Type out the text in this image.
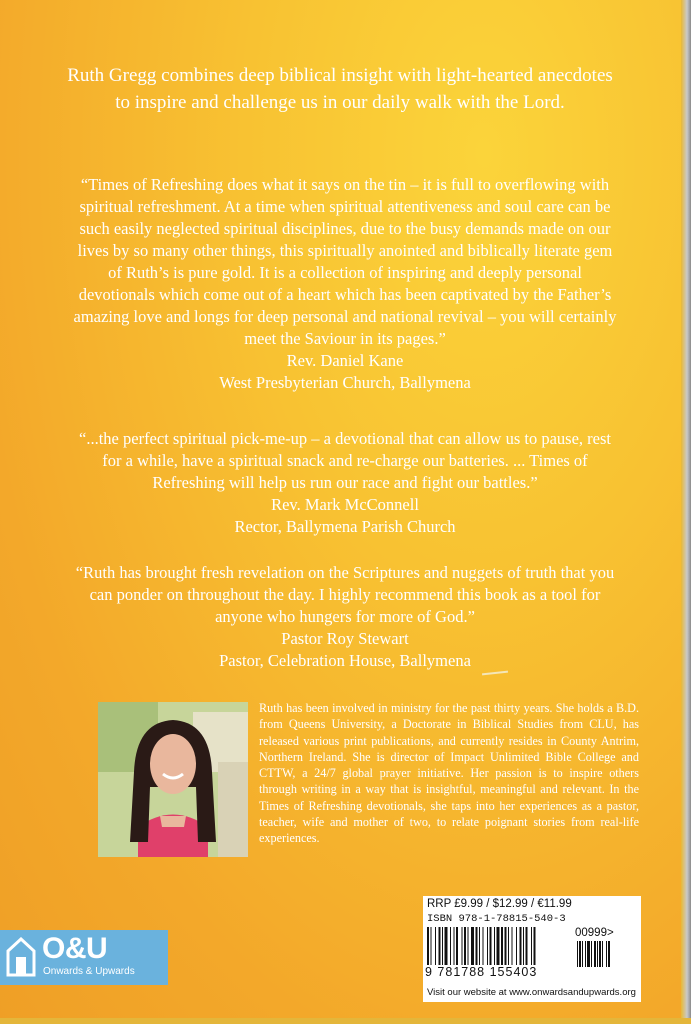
Ruth Gregg combines deep biblical insight with light-hearted anecdotes to inspire and challenge us in our daily walk with the Lord.

“Times of Refreshing does what it says on the tin – it is full to overflowing with spiritual refreshment. At a time when spiritual attentiveness and soul care can be such easily neglected spiritual disciplines, due to the busy demands made on our lives by so many other things, this spiritually anointed and biblically literate gem of Ruth’s is pure gold. It is a collection of inspiring and deeply personal devotionals which come out of a heart which has been captivated by the Father’s amazing love and longs for deep personal and national revival – you will certainly meet the Saviour in its pages.”
Rev. Daniel Kane
West Presbyterian Church, Ballymena
“...the perfect spiritual pick-me-up – a devotional that can allow us to pause, rest for a while, have a spiritual snack and re-charge our batteries. ... Times of Refreshing will help us run our race and fight our battles.”
Rev. Mark McConnell
Rector, Ballymena Parish Church
“Ruth has brought fresh revelation on the Scriptures and nuggets of truth that you can ponder on throughout the day. I highly recommend this book as a tool for anyone who hungers for more of God.”
Pastor Roy Stewart
Pastor, Celebration House, Ballymena

Ruth has been involved in ministry for the past thirty years. She holds a B.D. from Queens University, a Doctorate in Biblical Studies from CLU, has released various print publications, and currently resides in County Antrim, Northern Ireland. She is director of Impact Unlimited Bible College and CTTW, a 24/7 global prayer initiative. Her passion is to inspire others through writing in a way that is insightful, meaningful and relevant. In the Times of Refreshing devotionals, she taps into her experiences as a pastor, teacher, wife and mother of two, to relate poignant stories from real-life experiences.

O&U
Onwards & Upwards
RRP £9.99 / $12.99 / €11.99
ISBN 978-1-78815-540-3
9 781788 155403
00999>
Visit our website at www.onwardsandupwards.org
